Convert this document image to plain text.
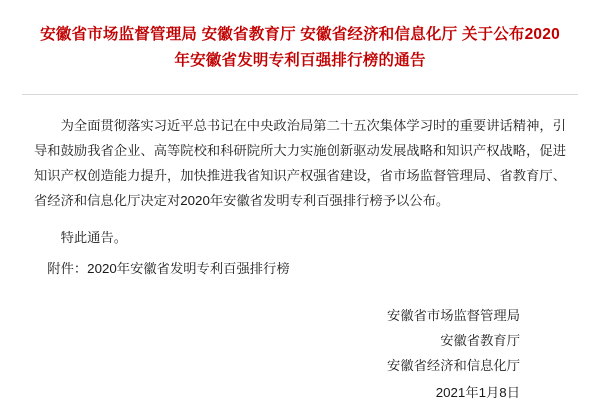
安徽省市场监督管理局 安徽省教育厅 安徽省经济和信息化厅 关于公布2020年安徽省发明专利百强排行榜的通告

为全面贯彻落实习近平总书记在中央政治局第二十五次集体学习时的重要讲话精神，引导和鼓励我省企业、高等院校和科研院所大力实施创新驱动发展战略和知识产权战略，促进知识产权创造能力提升，加快推进我省知识产权强省建设，省市场监督管理局、省教育厅、省经济和信息化厅决定对2020年安徽省发明专利百强排行榜予以公布。

特此通告。

附件：2020年安徽省发明专利百强排行榜

安徽省市场监督管理局
安徽省教育厅
安徽省经济和信息化厅
2021年1月8日
